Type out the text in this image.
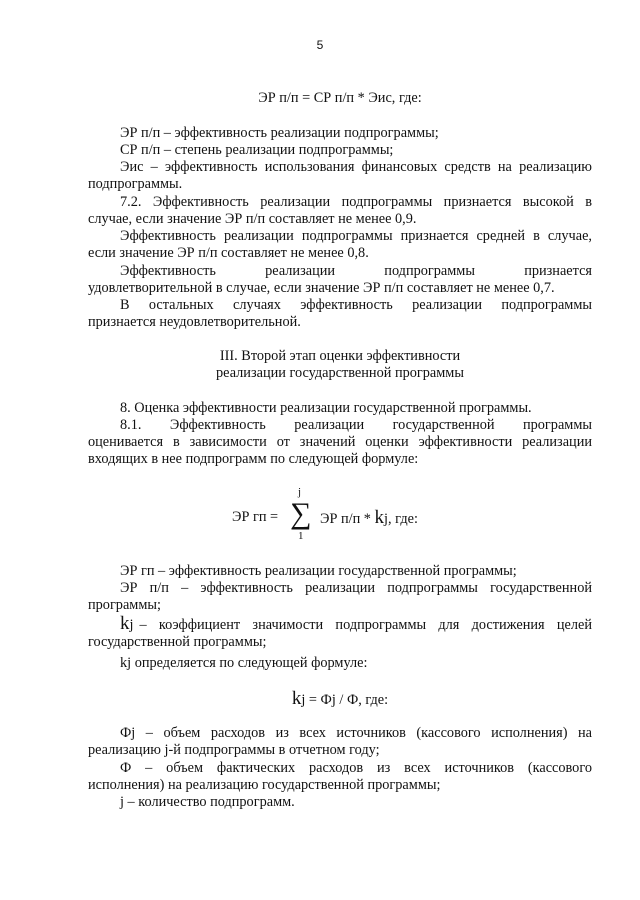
5
ЭР п/п = СР п/п * Эис, где:
ЭР п/п – эффективность реализации подпрограммы;
СР п/п – степень реализации подпрограммы;
Эис – эффективность использования финансовых средств на реализацию
подпрограммы.
7.2. Эффективность реализации подпрограммы признается высокой в
случае, если значение ЭР п/п составляет не менее 0,9.
Эффективность реализации подпрограммы признается средней в случае,
если значение ЭР п/п составляет не менее 0,8.
Эффективность реализации подпрограммы признается
удовлетворительной в случае, если значение ЭР п/п составляет не менее 0,7.
В остальных случаях эффективность реализации подпрограммы
признается неудовлетворительной.
III. Второй этап оценки эффективности
реализации государственной программы
8. Оценка эффективности реализации государственной программы.
8.1. Эффективность реализации государственной программы
оценивается в зависимости от значений оценки эффективности реализации
входящих в нее подпрограмм по следующей формуле:
ЭР гп =
j
∑
1
ЭР п/п * kj, где:
ЭР гп – эффективность реализации государственной программы;
ЭР п/п – эффективность реализации подпрограммы государственной
программы;
kj – коэффициент значимости подпрограммы для достижения целей
государственной программы;
kj определяется по следующей формуле:
kj = Фj / Ф, где:
Фj – объем расходов из всех источников (кассового исполнения) на
реализацию j-й подпрограммы в отчетном году;
Ф – объем фактических расходов из всех источников (кассового
исполнения) на реализацию государственной программы;
j – количество подпрограмм.
